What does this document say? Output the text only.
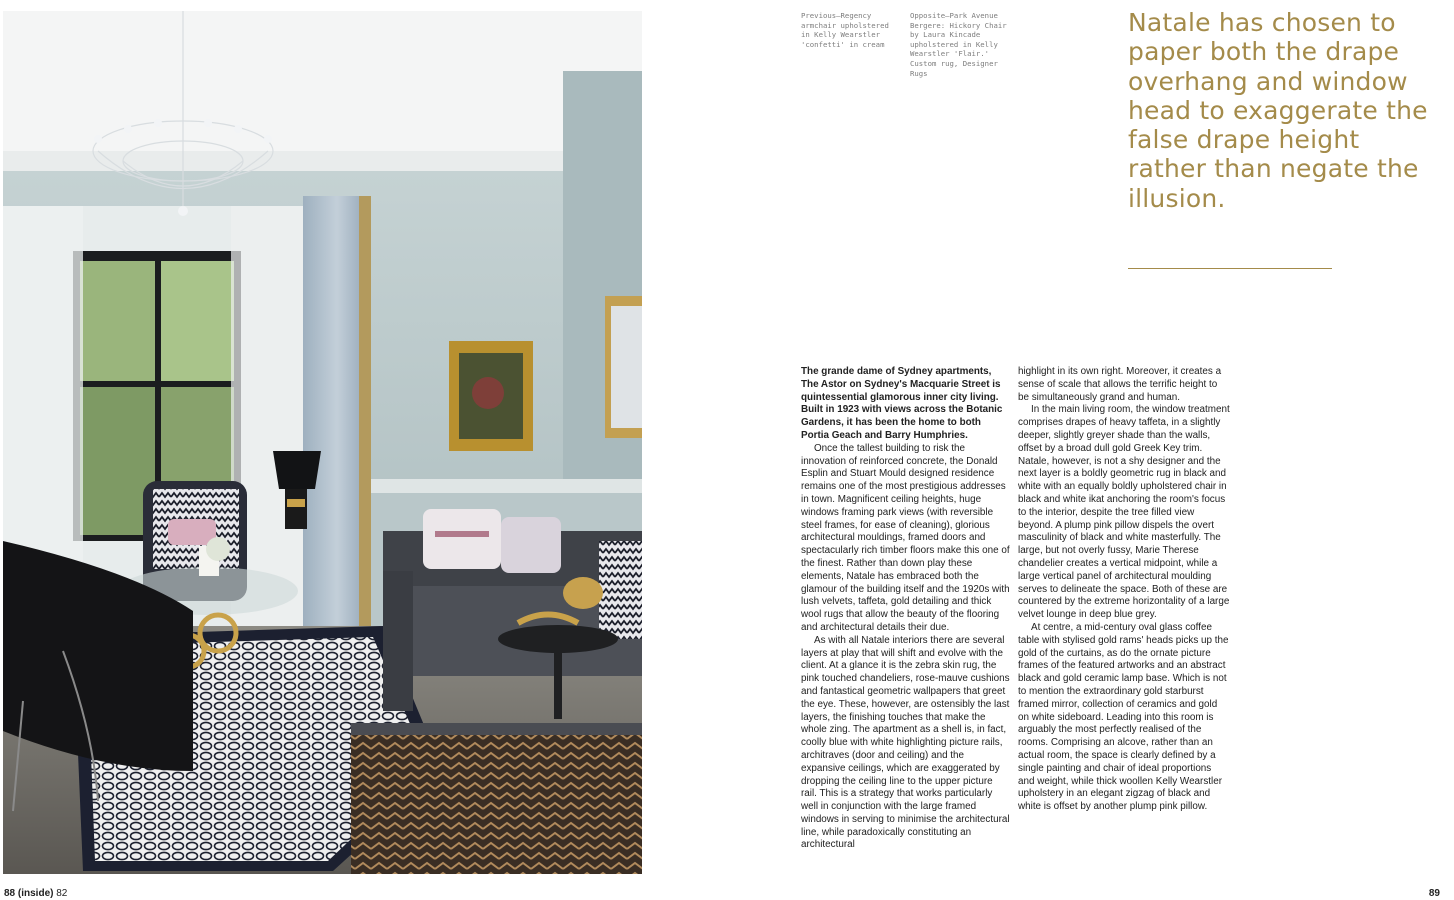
88 (inside) 82	89
Previous—Regency armchair upholstered in Kelly Wearstler 'confetti' in cream
Opposite—Park Avenue Bergere: Hickory Chair by Laura Kincade upholstered in Kelly Wearstler 'Flair.' Custom rug, Designer Rugs
Natale has chosen to paper both the drape overhang and window head to exaggerate the false drape height rather than negate the illusion.

The grande dame of Sydney apartments, The Astor on Sydney's Macquarie Street is quintessential glamorous inner city living. Built in 1923 with views across the Botanic Gardens, it has been the home to both Portia Geach and Barry Humphries.

Once the tallest building to risk the innovation of reinforced concrete, the Donald Esplin and Stuart Mould designed residence remains one of the most prestigious addresses in town. Magnificent ceiling heights, huge windows framing park views (with reversible steel frames, for ease of cleaning), glorious architectural mouldings, framed doors and spectacularly rich timber floors make this one of the finest. Rather than down play these elements, Natale has embraced both the glamour of the building itself and the 1920s with lush velvets, taffeta, gold detailing and thick wool rugs that allow the beauty of the flooring and architectural details their due.

As with all Natale interiors there are several layers at play that will shift and evolve with the client. At a glance it is the zebra skin rug, the pink touched chandeliers, rose-mauve cushions and fantastical geometric wallpapers that greet the eye. These, however, are ostensibly the last layers, the finishing touches that make the whole zing. The apartment as a shell is, in fact, coolly blue with white highlighting picture rails, architraves (door and ceiling) and the expansive ceilings, which are exaggerated by dropping the ceiling line to the upper picture rail. This is a strategy that works particularly well in conjunction with the large framed windows in serving to minimise the architectural line, while paradoxically constituting an architectural

highlight in its own right. Moreover, it creates a sense of scale that allows the terrific height to be simultaneously grand and human.

In the main living room, the window treatment comprises drapes of heavy taffeta, in a slightly deeper, slightly greyer shade than the walls, offset by a broad dull gold Greek Key trim. Natale, however, is not a shy designer and the next layer is a boldly geometric rug in black and white with an equally boldly upholstered chair in black and white ikat anchoring the room's focus to the interior, despite the tree filled view beyond. A plump pink pillow dispels the overt masculinity of black and white masterfully. The large, but not overly fussy, Marie Therese chandelier creates a vertical midpoint, while a large vertical panel of architectural moulding serves to delineate the space. Both of these are countered by the extreme horizontality of a large velvet lounge in deep blue grey.

At centre, a mid-century oval glass coffee table with stylised gold rams' heads picks up the gold of the curtains, as do the ornate picture frames of the featured artworks and an abstract black and gold ceramic lamp base. Which is not to mention the extraordinary gold starburst framed mirror, collection of ceramics and gold on white sideboard. Leading into this room is arguably the most perfectly realised of the rooms. Comprising an alcove, rather than an actual room, the space is clearly defined by a single painting and chair of ideal proportions and weight, while thick woollen Kelly Wearstler upholstery in an elegant zigzag of black and white is offset by another plump pink pillow.
